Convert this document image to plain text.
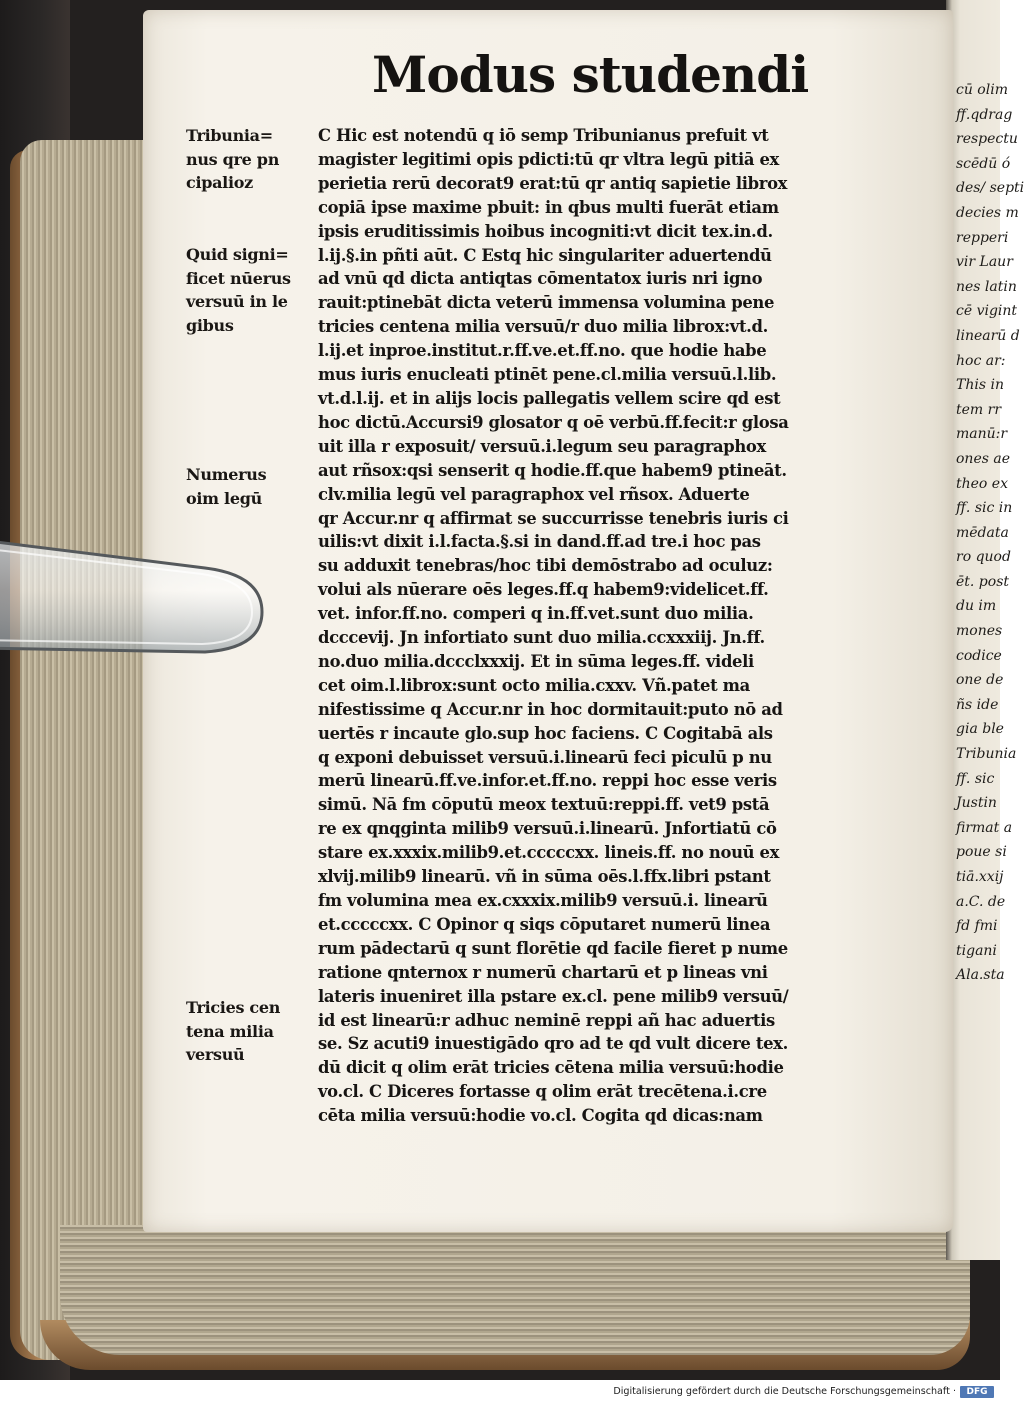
cū olim
ff.qdrag
respectu
scēdū ó
des/ septi
decies m
repperi
vir Laur
nes latin
cē vigint
linearū d
hoc ar:
This in
tem rr
manū:r
ones ae
theo ex
ff. sic in
mēdata
ro quod
ēt. post
du im
mones
codice
one de
ñs ide
gia ble
Tribunia
ff. sic
Justin
firmat a
poue si
tiā.xxij
a.C. de
fd fmi
tigani
Ala.sta
Modus studendi
C Hic est notendū q iō semp Tribunianus prefuit vt
magister legitimi opis pdicti:tū qr vltra legū pitiā ex
perietia rerū decorat9 erat:tū qr antiq sapietie librox
copiā ipse maxime pbuit: in qbus multi fuerāt etiam
ipsis eruditissimis hoibus incogniti:vt dicit tex.in.d.
l.ij.§.in pñti aūt. C Estq hic singulariter aduertendū
ad vnū qd dicta antiqtas cōmentatox iuris nri igno
rauit:ptinebāt dicta veterū immensa volumina pene
tricies centena milia versuū/r duo milia librox:vt.d.
l.ij.et inproe.institut.r.ff.ve.et.ff.no. que hodie habe
mus iuris enucleati ptinēt pene.cl.milia versuū.l.lib.
vt.d.l.ij. et in alijs locis pallegatis vellem scire qd est
hoc dictū.Accursi9 glosator q oē verbū.ff.fecit:r glosa
uit illa r exposuit/ versuū.i.legum seu paragraphox
aut rñsox:qsi senserit q hodie.ff.que habem9 ptineāt.
clv.milia legū vel paragraphox vel rñsox. Aduerte
qr Accur.nr q affirmat se succurrisse tenebris iuris ci
uilis:vt dixit i.l.facta.§.si in dand.ff.ad tre.i hoc pas
su adduxit tenebras/hoc tibi demōstrabo ad oculuz:
volui als nūerare oēs leges.ff.q habem9:videlicet.ff.
vet. infor.ff.no. comperi q in.ff.vet.sunt duo milia.
dcccevij. Jn infortiato sunt duo milia.ccxxxiij. Jn.ff.
no.duo milia.dccclxxxij. Et in sūma leges.ff. videli
cet oim.l.librox:sunt octo milia.cxxv. Vñ.patet ma
nifestissime q Accur.nr in hoc dormitauit:puto nō ad
uertēs r incaute glo.sup hoc faciens. C Cogitabā als
q exponi debuisset versuū.i.linearū feci piculū p nu
merū linearū.ff.ve.infor.et.ff.no. reppi hoc esse veris
simū. Nā fm cōputū meox textuū:reppi.ff. vet9 pstā
re ex qnqginta milib9 versuū.i.linearū. Jnfortiatū cō
stare ex.xxxix.milib9.et.cccccxx. lineis.ff. no nouū ex
xlvij.milib9 linearū. vñ in sūma oēs.l.ffx.libri pstant
fm volumina mea ex.cxxxix.milib9 versuū.i. linearū
et.cccccxx. C Opinor q siqs cōputaret numerū linea
rum pādectarū q sunt florētie qd facile fieret p nume
ratione qnternox r numerū chartarū et p lineas vni
lateris inueniret illa pstare ex.cl. pene milib9 versuū/
id est linearū:r adhuc neminē reppi añ hac aduertis
se. Sz acuti9 inuestigādo qro ad te qd vult dicere tex.
dū dicit q olim erāt tricies cētena milia versuū:hodie
vo.cl. C Diceres fortasse q olim erāt trecētena.i.cre
cēta milia versuū:hodie vo.cl. Cogita qd dicas:nam
Tribunia=
nus qre pn
cipalioz
Quid signi=
ficet nūerus
versuū in le
gibus
Numerus
oim legū
Tricies cen
tena milia
versuū
Digitalisierung gefördert durch die Deutsche Forschungsgemeinschaft ·	DFG
